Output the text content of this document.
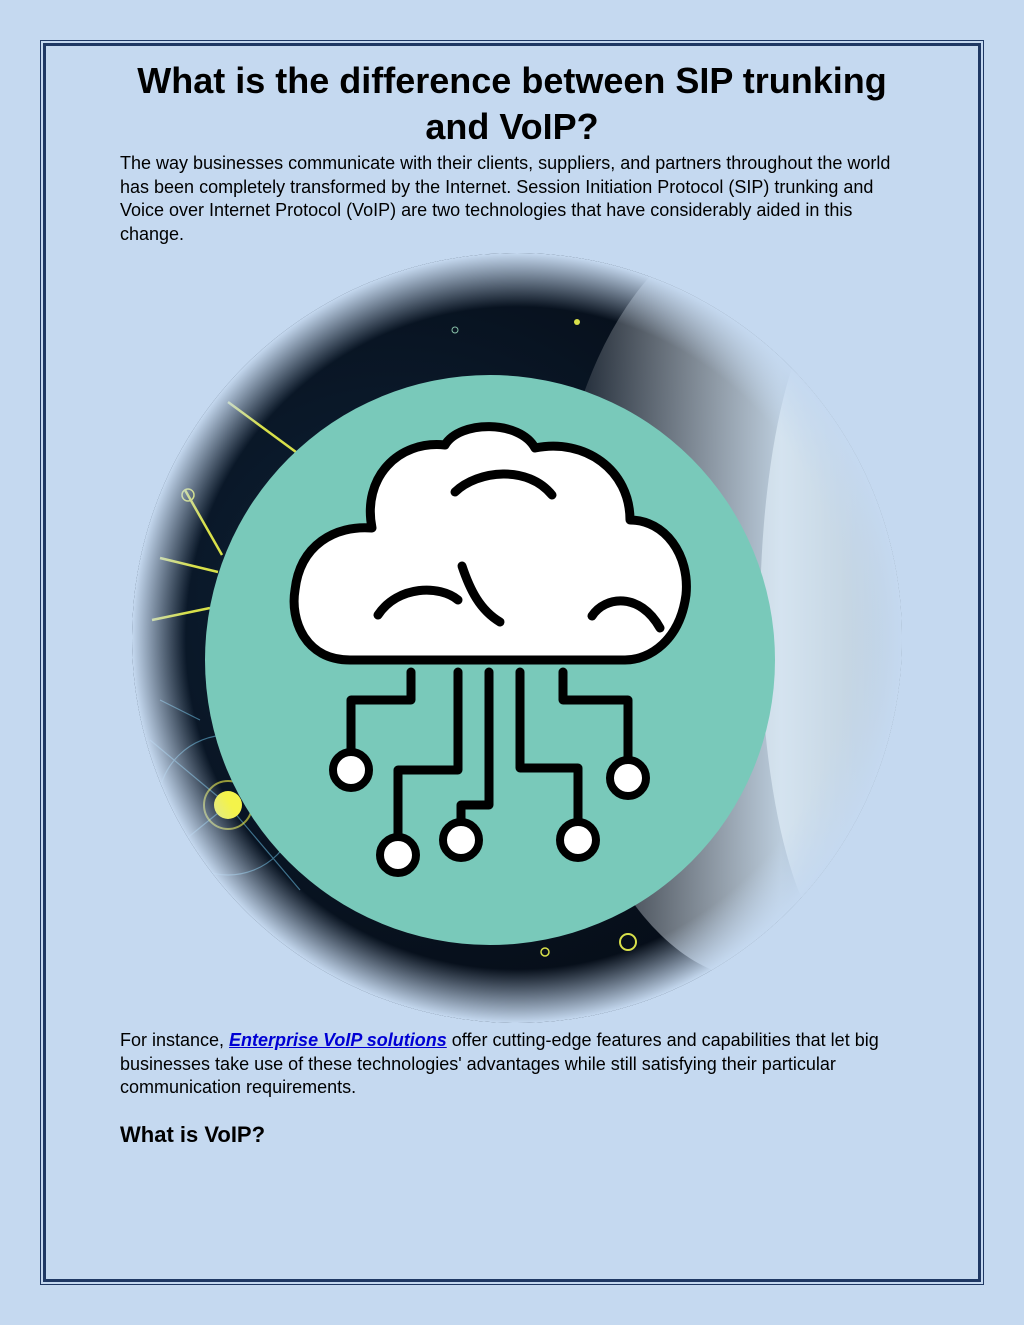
What is the difference between SIP trunking and VoIP?

The way businesses communicate with their clients, suppliers, and partners throughout the world has been completely transformed by the Internet. Session Initiation Protocol (SIP) trunking and Voice over Internet Protocol (VoIP) are two technologies that have considerably aided in this change.

For instance, Enterprise VoIP solutions offer cutting-edge features and capabilities that let big businesses take use of these technologies' advantages while still satisfying their particular communication requirements.

What is VoIP?
